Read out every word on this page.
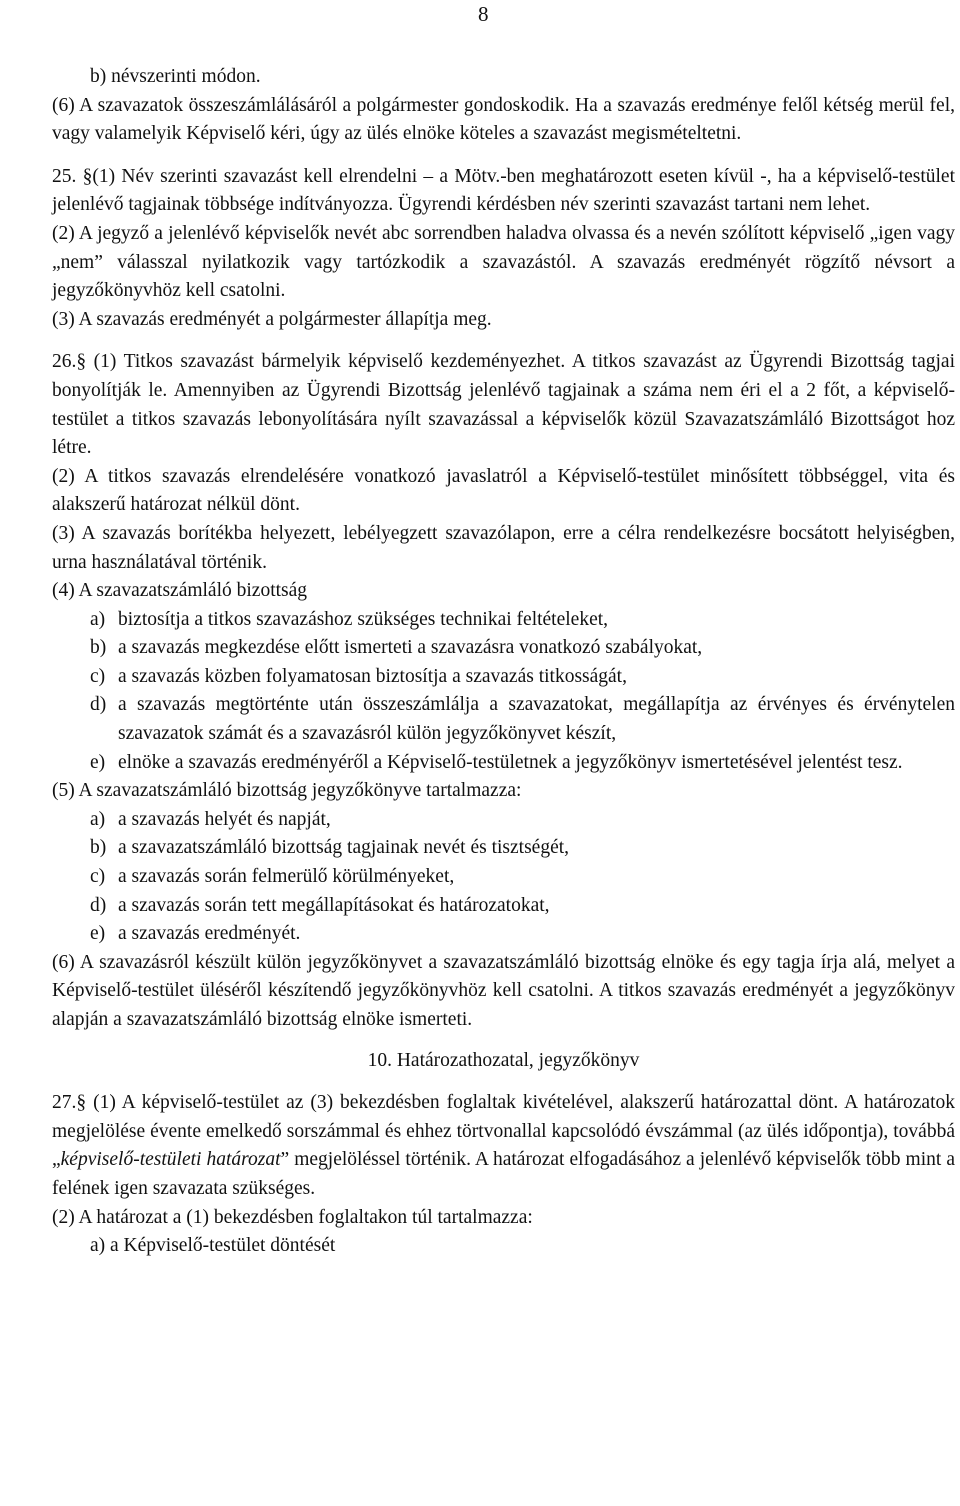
8

b) névszerinti módon.

(6) A szavazatok összeszámlálásáról a polgármester gondoskodik. Ha a szavazás eredménye felől kétség merül fel, vagy valamelyik Képviselő kéri, úgy az ülés elnöke köteles a szavazást megismételtetni.

25. §(1) Név szerinti szavazást kell elrendelni – a Mötv.-ben meghatározott eseten kívül -, ha a képviselő-testület jelenlévő tagjainak többsége indítványozza. Ügyrendi kérdésben név szerinti szavazást tartani nem lehet.

(2) A jegyző a jelenlévő képviselők nevét abc sorrendben haladva olvassa és a nevén szólított képviselő „igen vagy „nem” válasszal nyilatkozik vagy tartózkodik a szavazástól. A szavazás eredményét rögzítő névsort a jegyzőkönyvhöz kell csatolni.

(3) A szavazás eredményét a polgármester állapítja meg.

26.§ (1) Titkos szavazást bármelyik képviselő kezdeményezhet. A titkos szavazást az Ügyrendi Bizottság tagjai bonyolítják le. Amennyiben az Ügyrendi Bizottság jelenlévő tagjainak a száma nem éri el a 2 főt, a képviselő-testület a titkos szavazás lebonyolítására nyílt szavazással a képviselők közül Szavazatszámláló Bizottságot hoz létre.

(2) A titkos szavazás elrendelésére vonatkozó javaslatról a Képviselő-testület minősített többséggel, vita és alakszerű határozat nélkül dönt.

(3) A szavazás borítékba helyezett, lebélyegzett szavazólapon, erre a célra rendelkezésre bocsátott helyiségben, urna használatával történik.

(4) A szavazatszámláló bizottság

a) biztosítja a titkos szavazáshoz szükséges technikai feltételeket,
b) a szavazás megkezdése előtt ismerteti a szavazásra vonatkozó szabályokat,
c) a szavazás közben folyamatosan biztosítja a szavazás titkosságát,
d) a szavazás megtörténte után összeszámlálja a szavazatokat, megállapítja az érvényes és érvénytelen szavazatok számát és a szavazásról külön jegyzőkönyvet készít,
e) elnöke a szavazás eredményéről a Képviselő-testületnek a jegyzőkönyv ismertetésével jelentést tesz.

(5) A szavazatszámláló bizottság jegyzőkönyve tartalmazza:

a) a szavazás helyét és napját,
b) a szavazatszámláló bizottság tagjainak nevét és tisztségét,
c) a szavazás során felmerülő körülményeket,
d) a szavazás során tett megállapításokat és határozatokat,
e) a szavazás eredményét.

(6) A szavazásról készült külön jegyzőkönyvet a szavazatszámláló bizottság elnöke és egy tagja írja alá, melyet a Képviselő-testület üléséről készítendő jegyzőkönyvhöz kell csatolni. A titkos szavazás eredményét a jegyzőkönyv alapján a szavazatszámláló bizottság elnöke ismerteti.

10. Határozathozatal, jegyzőkönyv

27.§ (1) A képviselő-testület az (3) bekezdésben foglaltak kivételével, alakszerű határozattal dönt. A határozatok megjelölése évente emelkedő sorszámmal és ehhez törtvonallal kapcsolódó évszámmal (az ülés időpontja), továbbá „képviselő-testületi határozat” megjelöléssel történik. A határozat elfogadásához a jelenlévő képviselők több mint a felének igen szavazata szükséges.

(2) A határozat a (1) bekezdésben foglaltakon túl tartalmazza:

a) a Képviselő-testület döntését
